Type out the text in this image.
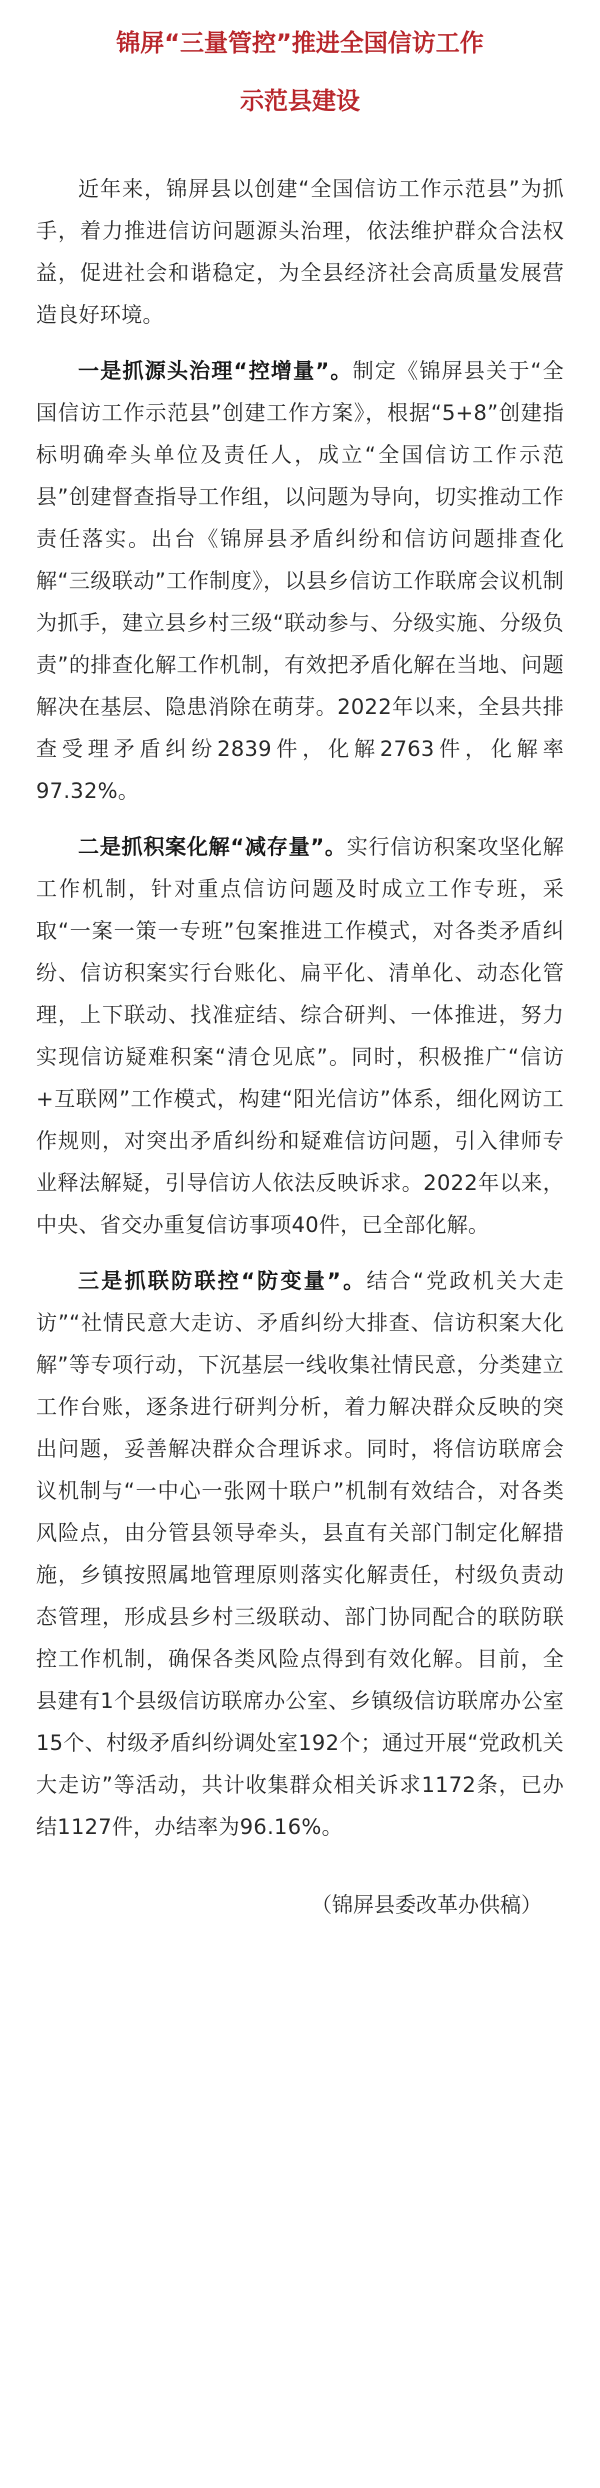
锦屏“三量管控”推进全国信访工作

示范县建设

近年来，锦屏县以创建“全国信访工作示范县”为抓手，着力推进信访问题源头治理，依法维护群众合法权益，促进社会和谐稳定，为全县经济社会高质量发展营造良好环境。

一是抓源头治理“控增量”。制定《锦屏县关于“全国信访工作示范县”创建工作方案》，根据“5+8”创建指标明确牵头单位及责任人，成立“全国信访工作示范县”创建督查指导工作组，以问题为导向，切实推动工作责任落实。出台《锦屏县矛盾纠纷和信访问题排查化解“三级联动”工作制度》，以县乡信访工作联席会议机制为抓手，建立县乡村三级“联动参与、分级实施、分级负责”的排查化解工作机制，有效把矛盾化解在当地、问题解决在基层、隐患消除在萌芽。2022年以来，全县共排查受理矛盾纠纷2839件，化解2763件，化解率97.32%。

二是抓积案化解“减存量”。实行信访积案攻坚化解工作机制，针对重点信访问题及时成立工作专班，采取“一案一策一专班”包案推进工作模式，对各类矛盾纠纷、信访积案实行台账化、扁平化、清单化、动态化管理，上下联动、找准症结、综合研判、一体推进，努力实现信访疑难积案“清仓见底”。同时，积极推广“信访+互联网”工作模式，构建“阳光信访”体系，细化网访工作规则，对突出矛盾纠纷和疑难信访问题，引入律师专业释法解疑，引导信访人依法反映诉求。2022年以来，中央、省交办重复信访事项40件，已全部化解。

三是抓联防联控“防变量”。结合“党政机关大走访”“社情民意大走访、矛盾纠纷大排查、信访积案大化解”等专项行动，下沉基层一线收集社情民意，分类建立工作台账，逐条进行研判分析，着力解决群众反映的突出问题，妥善解决群众合理诉求。同时，将信访联席会议机制与“一中心一张网十联户”机制有效结合，对各类风险点，由分管县领导牵头，县直有关部门制定化解措施，乡镇按照属地管理原则落实化解责任，村级负责动态管理，形成县乡村三级联动、部门协同配合的联防联控工作机制，确保各类风险点得到有效化解。目前，全县建有1个县级信访联席办公室、乡镇级信访联席办公室15个、村级矛盾纠纷调处室192个；通过开展“党政机关大走访”等活动，共计收集群众相关诉求1172条，已办结1127件，办结率为96.16%。

（锦屏县委改革办供稿）
